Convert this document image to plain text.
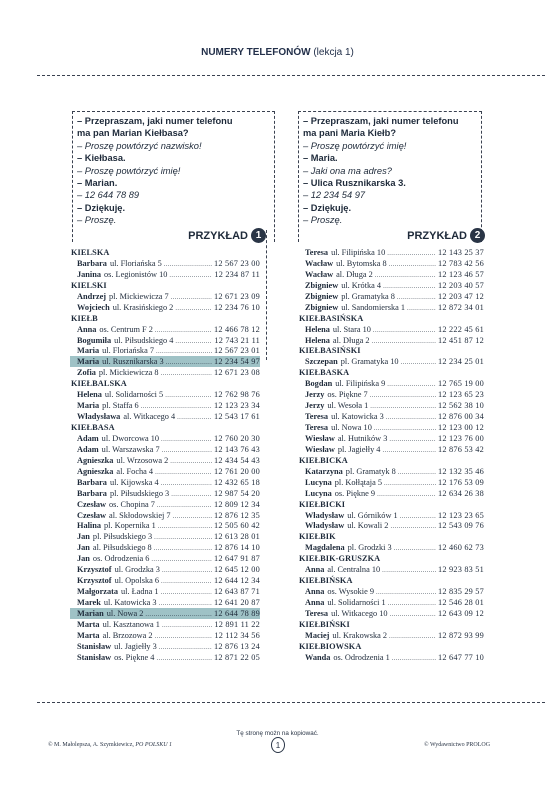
NUMERY TELEFONÓW (lekcja 1)
– Przepraszam, jaki numer telefonu
ma pan Marian Kiełbasa?
– Proszę powtórzyć nazwisko!
– Kiełbasa.
– Proszę powtórzyć imię!
– Marian.
– 12 644 78 89
– Dziękuję.
– Proszę.
PRZYKŁAD 1
– Przepraszam, jaki numer telefonu
ma pani Maria Kiełb?
– Proszę powtórzyć imię!
– Maria.
– Jaki ona ma adres?
– Ulica Rusznikarska 3.
– 12 234 54 97
– Dziękuję.
– Proszę.
PRZYKŁAD 2
KIELSKA
Barbara ul. Floriańska 5 .....	12 567 23 00
Janina os. Legionistów 10 .....	12 234 87 11
KIELSKI
Andrzej pl. Mickiewicza 7 .....	12 671 23 09
Wojciech ul. Krasińskiego 2 .....	12 234 76 10
KIEŁB
Anna os. Centrum F 2 .....	12 466 78 12
Bogumiła ul. Piłsudskiego 4 .....	12 743 21 11
Maria ul. Floriańska 7 .....	12 567 23 01
Maria ul. Rusznikarska 3 .....	12 234 54 97
Zofia pl. Mickiewicza 8 .....	12 671 23 08
KIEŁBALSKA
Helena ul. Solidarności 5 .....	12 762 98 76
Maria pl. Staffa 6 .....	12 123 23 34
Władysława al. Witkacego 4 .....	12 543 17 61
KIEŁBASA
Adam ul. Dworcowa 10 .....	12 760 20 30
Adam ul. Warszawska 7 .....	12 143 76 43
Agnieszka ul. Wrzosowa 2 .....	12 434 54 43
Agnieszka al. Focha 4 .....	12 761 20 00
Barbara ul. Kijowska 4 .....	12 432 65 18
Barbara pl. Piłsudskiego 3 .....	12 987 54 20
Czesław os. Chopina 7 .....	12 809 12 34
Czesław al. Skłodowskiej 7 .....	12 876 12 35
Halina pl. Kopernika 1 .....	12 505 60 42
Jan pl. Piłsudskiego 3 .....	12 613 28 01
Jan al. Piłsudskiego 8 .....	12 876 14 10
Jan os. Odrodzenia 6 .....	12 647 91 87
Krzysztof ul. Grodzka 3 .....	12 645 12 00
Krzysztof ul. Opolska 6 .....	12 644 12 34
Małgorzata ul. Ładna 1 .....	12 643 87 71
Marek ul. Katowicka 3 .....	12 641 20 87
Marian ul. Nowa 2 .....	12 644 78 89
Marta ul. Kasztanowa 1 .....	12 891 11 22
Marta al. Brzozowa 2 .....	12 112 34 56
Stanisław ul. Jagiełły 3 .....	12 876 13 24
Stanisław os. Piękne 4 .....	12 871 22 05
Teresa ul. Filipińska 10 .....	12 143 25 37
Wacław ul. Bytomska 8 .....	12 783 42 56
Wacław al. Długa 2 .....	12 123 46 57
Zbigniew ul. Krótka 4 .....	12 203 40 57
Zbigniew pl. Gramatyka 8 .....	12 203 47 12
Zbigniew ul. Sandomierska 1 .....	12 872 34 01
KIEŁBASIŃSKA
Helena ul. Stara 10 .....	12 222 45 61
Helena al. Długa 2 .....	12 451 87 12
KIEŁBASIŃSKI
Szczepan pl. Gramatyka 10 .....	12 234 25 01
KIEŁBASKA
Bogdan ul. Filipińska 9 .....	12 765 19 00
Jerzy os. Piękne 7 .....	12 123 65 23
Jerzy ul. Wesoła 1 .....	12 562 38 10
Teresa ul. Katowicka 3 .....	12 876 00 34
Teresa ul. Nowa 10 .....	12 123 00 12
Wiesław al. Hutników 3 .....	12 123 76 00
Wiesław pl. Jagiełły 4 .....	12 876 53 42
KIEŁBICKA
Katarzyna pl. Gramatyk 8 .....	12 132 35 46
Lucyna pl. Kołłątaja 5 .....	12 176 53 09
Lucyna os. Piękne 9 .....	12 634 26 38
KIEŁBICKI
Władysław ul. Górników 1 .....	12 123 23 65
Władysław ul. Kowali 2 .....	12 543 09 76
KIEŁBIK
Magdalena pl. Grodzki 3 .....	12 460 62 73
KIEŁBIK-GRUSZKA
Anna al. Centralna 10 .....	12 923 83 51
KIEŁBIŃSKA
Anna os. Wysokie 9 .....	12 835 29 57
Anna ul. Solidarności 1 .....	12 546 28 01
Teresa ul. Witkacego 10 .....	12 643 09 12
KIEŁBIŃSKI
Maciej ul. Krakowska 2 .....	12 872 93 99
KIEŁBIOWSKA
Wanda os. Odrodzenia 1 .....	12 647 77 10
© M. Małolepsza, A. Szymkiewicz, PO POLSKU 1
Tę stronę możn na kopiować.
1	© Wydawnictwo PROLOG
